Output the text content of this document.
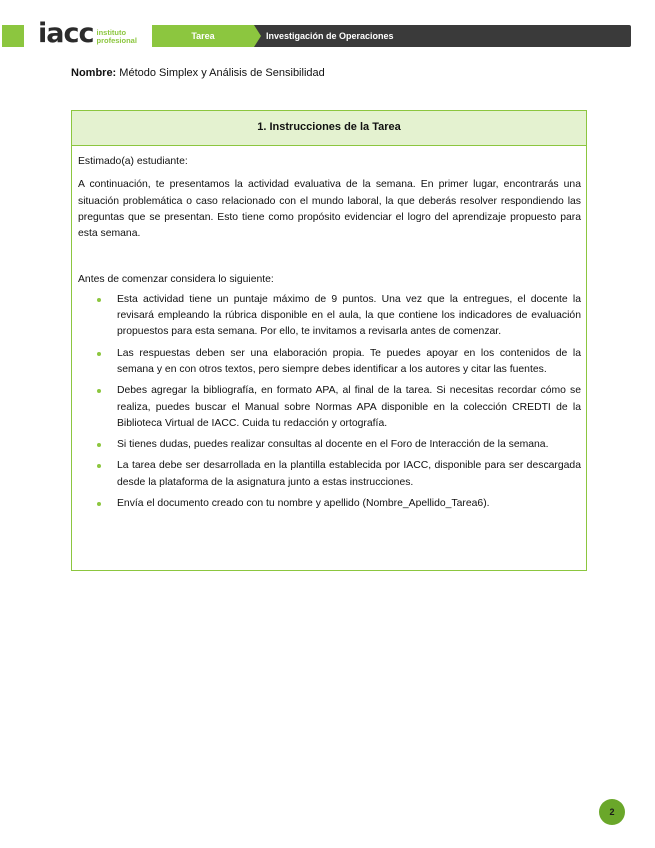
iacc instituto
profesional	Tarea	Investigación de Operaciones
Nombre: Método Simplex y Análisis de Sensibilidad
1. Instrucciones de la Tarea

Estimado(a) estudiante:

A continuación, te presentamos la actividad evaluativa de la semana. En primer lugar, encontrarás una situación problemática o caso relacionado con el mundo laboral, la que deberás resolver respondiendo las preguntas que se presentan. Esto tiene como propósito evidenciar el logro del aprendizaje propuesto para esta semana.

Antes de comenzar considera lo siguiente:

Esta actividad tiene un puntaje máximo de 9 puntos. Una vez que la entregues, el docente la revisará empleando la rúbrica disponible en el aula, la que contiene los indicadores de evaluación propuestos para esta semana. Por ello, te invitamos a revisarla antes de comenzar.
Las respuestas deben ser una elaboración propia. Te puedes apoyar en los contenidos de la semana y en con otros textos, pero siempre debes identificar a los autores y citar las fuentes.
Debes agregar la bibliografía, en formato APA, al final de la tarea. Si necesitas recordar cómo se realiza, puedes buscar el Manual sobre Normas APA disponible en la colección CREDTI de la Biblioteca Virtual de IACC. Cuida tu redacción y ortografía.
Si tienes dudas, puedes realizar consultas al docente en el Foro de Interacción de la semana.
La tarea debe ser desarrollada en la plantilla establecida por IACC, disponible para ser descargada desde la plataforma de la asignatura junto a estas instrucciones.
Envía el documento creado con tu nombre y apellido (Nombre_Apellido_Tarea6).
2
